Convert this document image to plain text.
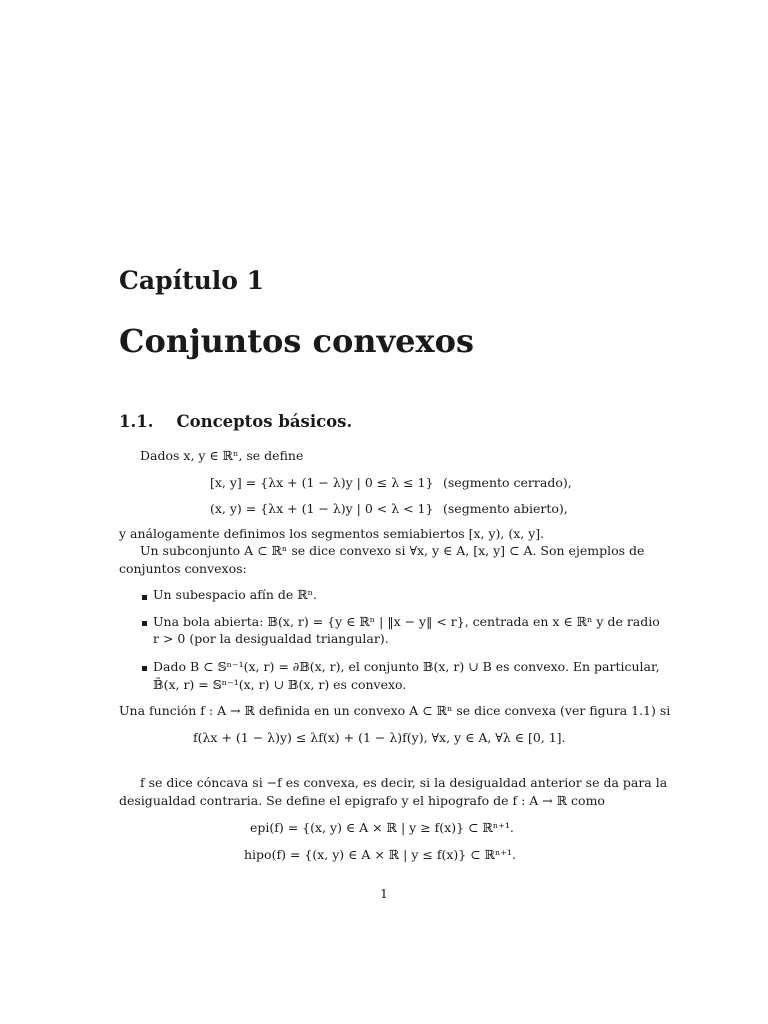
Capítulo 1
Conjuntos convexos
1.1. Conceptos básicos.
Dados x, y ∈ ℝⁿ, se define
[x, y] = {λx + (1 − λ)y | 0 ≤ λ ≤ 1} (segmento cerrado),
(x, y) = {λx + (1 − λ)y | 0 < λ < 1} (segmento abierto),
y análogamente definimos los segmentos semiabiertos [x, y), (x, y].
Un subconjunto A ⊂ ℝⁿ se dice convexo si ∀x, y ∈ A, [x, y] ⊂ A. Son ejemplos de
conjuntos convexos:
Un subespacio afín de ℝⁿ.
Una bola abierta: 𝔹(x, r) = {y ∈ ℝⁿ | ‖x − y‖ < r}, centrada en x ∈ ℝⁿ y de radio
r > 0 (por la desigualdad triangular).
Dado B ⊂ 𝕊ⁿ⁻¹(x, r) = ∂𝔹(x, r), el conjunto 𝔹(x, r) ∪ B es convexo. En particular,
𝔹̄(x, r) = 𝕊ⁿ⁻¹(x, r) ∪ 𝔹(x, r) es convexo.
Una función f : A → ℝ definida en un convexo A ⊂ ℝⁿ se dice convexa (ver figura 1.1) si
f(λx + (1 − λ)y) ≤ λf(x) + (1 − λ)f(y), ∀x, y ∈ A, ∀λ ∈ [0, 1].
f se dice cóncava si −f es convexa, es decir, si la desigualdad anterior se da para la
desigualdad contraria. Se define el epigrafo y el hipografo de f : A → ℝ como
epi(f) = {(x, y) ∈ A × ℝ | y ≥ f(x)} ⊂ ℝⁿ⁺¹.
hipo(f) = {(x, y) ∈ A × ℝ | y ≤ f(x)} ⊂ ℝⁿ⁺¹.
1
